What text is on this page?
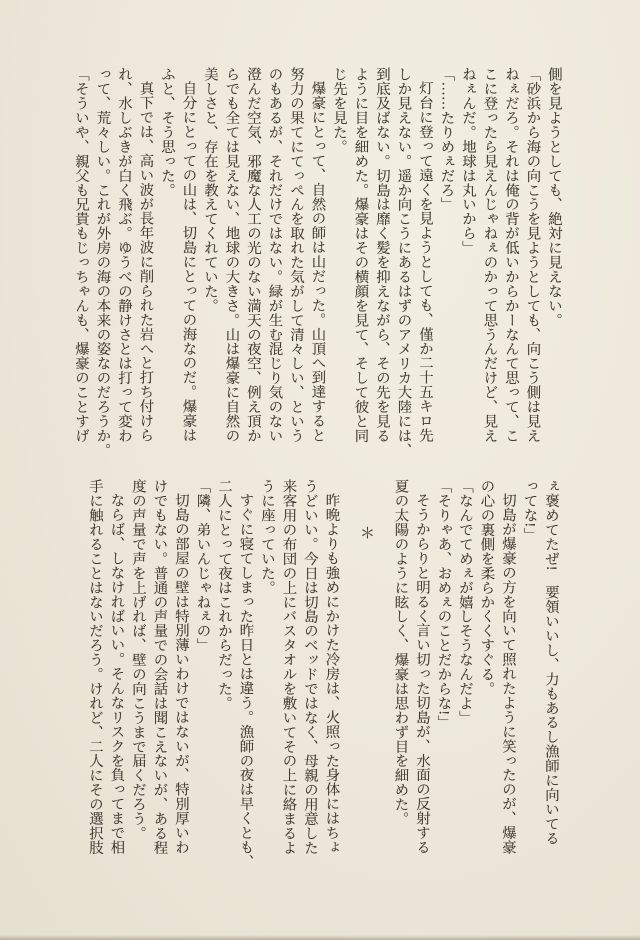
側を見ようとしても、絶対に見えない。
「砂浜から海の向こうを見ようとしても、向こう側は見え
ねぇだろ。それは俺の背が低いからかーなんて思って、こ
こに登ったら見えんじゃねぇのかって思うんだけど、見え
ねぇんだ。地球は丸いから」
「……たりめぇだろ」
灯台に登って遠くを見ようとしても、僅か二十五キロ先
しか見えない。遥か向こうにあるはずのアメリカ大陸には、
到底及ばない。切島は靡く髪を抑えながら、その先を見る
ように目を細めた。爆豪はその横顔を見て、そして彼と同
じ先を見た。
爆豪にとって、自然の師は山だった。山頂へ到達すると
努力の果てにてっぺんを取れた気がして清々しい、という
のもあるが、それだけではない。緑が生む混じり気のない
澄んだ空気、邪魔な人工の光のない満天の夜空、例え頂か
らでも全ては見えない、地球の大きさ。山は爆豪に自然の
美しさと、存在を教えてくれていた。
自分にとっての山は、切島にとっての海なのだ。爆豪は
ふと、そう思った。
真下では、高い波が長年波に削られた岩へと打ち付けら
れ、水しぶきが白く飛ぶ。ゆうべの静けさとは打って変わ
って、荒々しい。これが外房の海の本来の姿なのだろうか。
「そういや、親父も兄貴もじっちゃんも、爆豪のことすげ
ぇ褒めてたぜ!　要領いいし、力もあるし漁師に向いてる
ってな!」
切島が爆豪の方を向いて照れたように笑ったのが、爆豪
の心の裏側を柔らかくくすぐる。
「なんでてめぇが嬉しそうなんだよ」
「そりゃあ、おめぇのことだからな!」
そうからりと明るく言い切った切島が、水面の反射する
夏の太陽のように眩しく、爆豪は思わず目を細めた。
＊
昨晩よりも強めにかけた冷房は、火照った身体にはちょ
うどいい。今日は切島のベッドではなく、母親の用意した
来客用の布団の上にバスタオルを敷いてその上に絡まるよ
うに座っていた。
すぐに寝てしまった昨日とは違う。漁師の夜は早くとも、
二人にとって夜はこれからだった。
「隣、弟いんじゃねぇの」
切島の部屋の壁は特別薄いわけではないが、特別厚いわ
けでもない。普通の声量での会話は聞こえないが、ある程
度の声量で声を上げれば、壁の向こうまで届くだろう。
ならば、しなければいい。そんなリスクを負ってまで相
手に触れることはないだろう。けれど、二人にその選択肢
